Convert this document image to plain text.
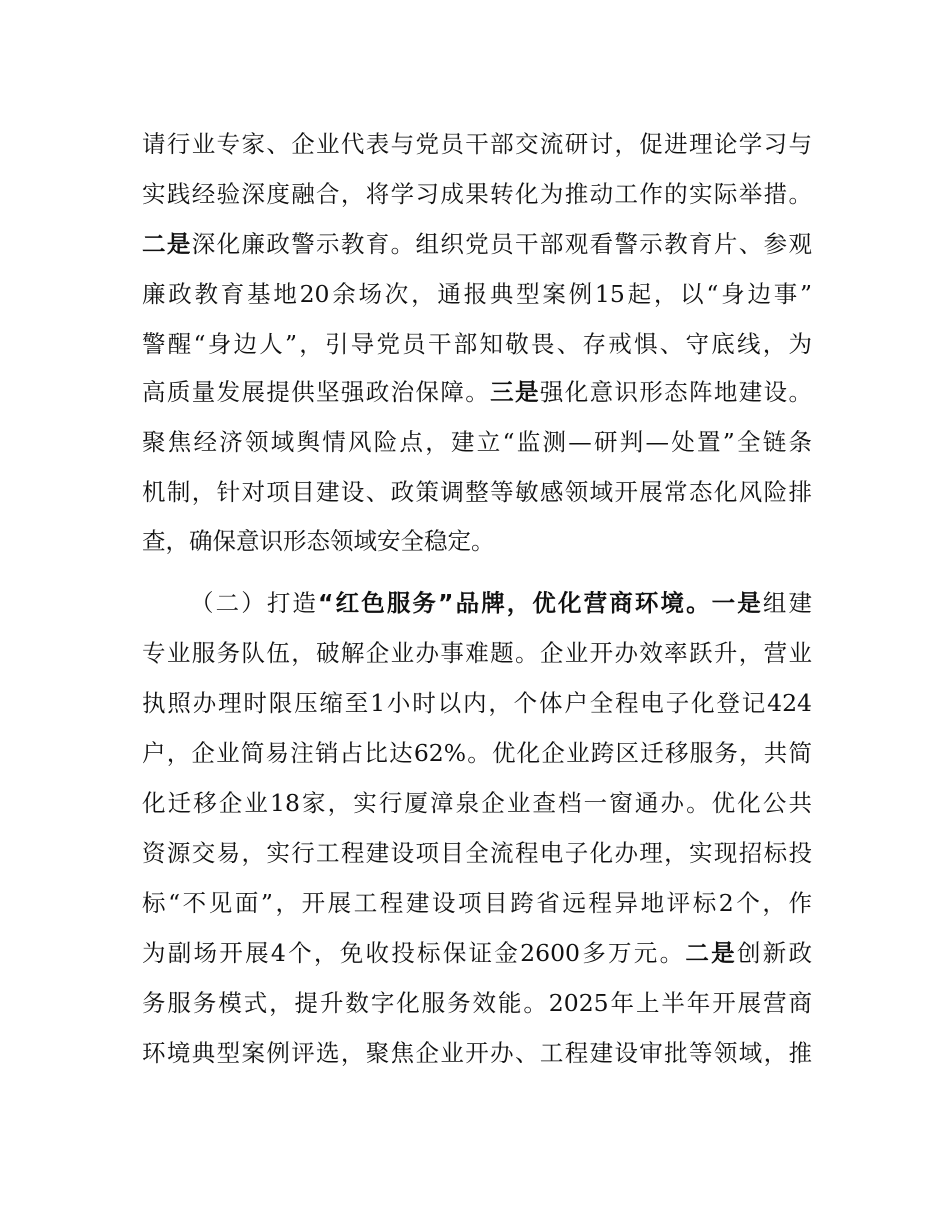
请行业专家、企业代表与党员干部交流研讨，促进理论学习与
实践经验深度融合，将学习成果转化为推动工作的实际举措。
二是深化廉政警示教育。组织党员干部观看警示教育片、参观
廉政教育基地20余场次，通报典型案例15起，以“身边事”
警醒“身边人”，引导党员干部知敬畏、存戒惧、守底线，为
高质量发展提供坚强政治保障。三是强化意识形态阵地建设。
聚焦经济领域舆情风险点，建立“监测—研判—处置”全链条
机制，针对项目建设、政策调整等敏感领域开展常态化风险排
查，确保意识形态领域安全稳定。
（二）打造“红色服务”品牌，优化营商环境。一是组建
专业服务队伍，破解企业办事难题。企业开办效率跃升，营业
执照办理时限压缩至1小时以内，个体户全程电子化登记424
户，企业简易注销占比达62%。优化企业跨区迁移服务，共简
化迁移企业18家，实行厦漳泉企业查档一窗通办。优化公共
资源交易，实行工程建设项目全流程电子化办理，实现招标投
标“不见面”，开展工程建设项目跨省远程异地评标2个，作
为副场开展4个，免收投标保证金2600多万元。二是创新政
务服务模式，提升数字化服务效能。2025年上半年开展营商
环境典型案例评选，聚焦企业开办、工程建设审批等领域，推
